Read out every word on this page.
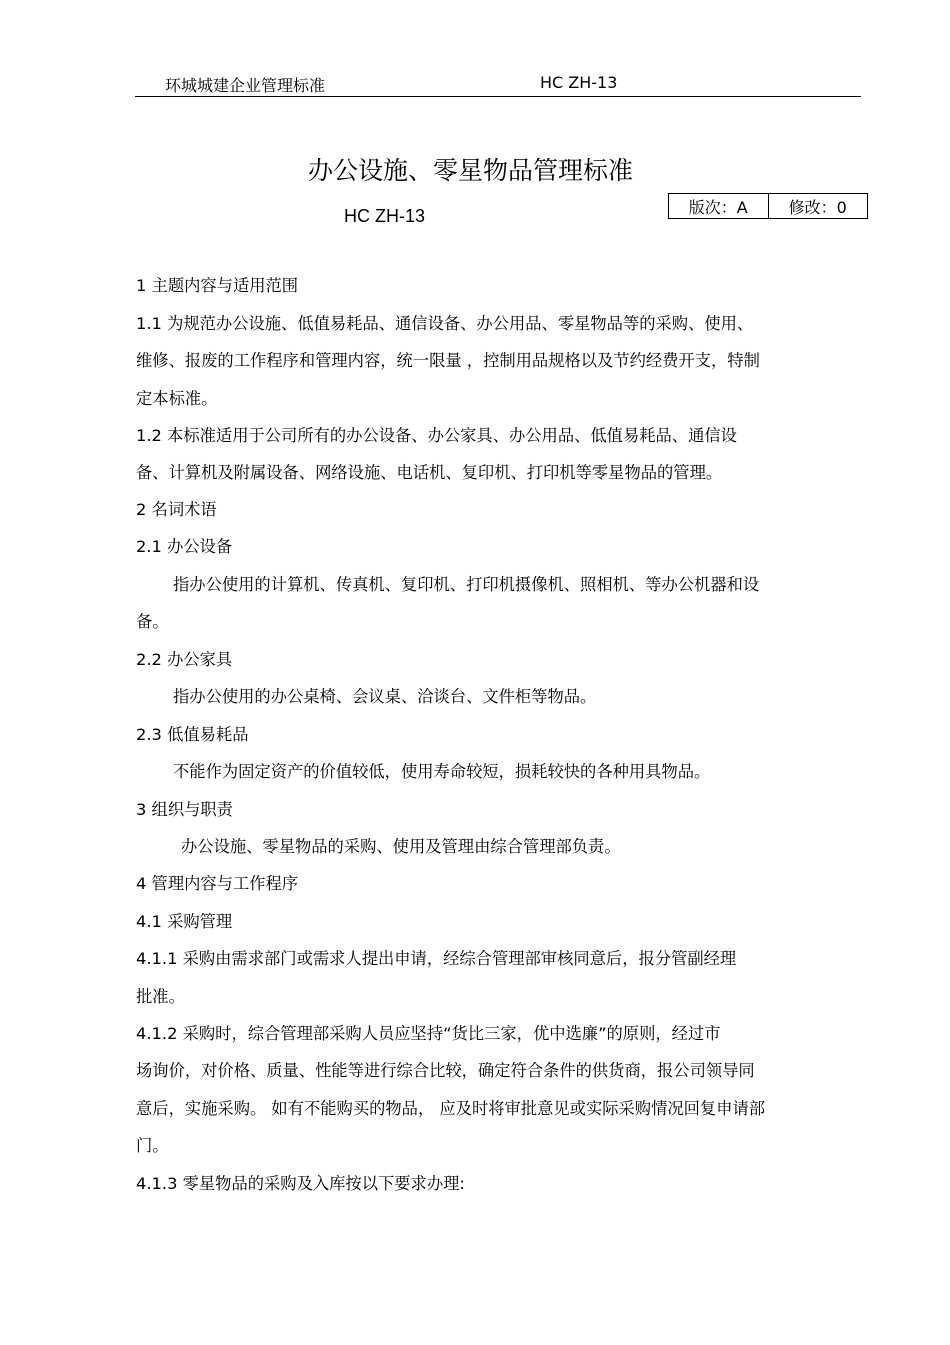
环城城建企业管理标准	HC ZH-13
办公设施、零星物品管理标准
HC ZH-13	版次：A	修改：0
1 主题内容与适用范围
1.1 为规范办公设施、低值易耗品、通信设备、办公用品、零星物品等的采购、使用、
维修、报废的工作程序和管理内容，统一限量 ，控制用品规格以及节约经费开支，特制
定本标准。
1.2 本标准适用于公司所有的办公设备、办公家具、办公用品、低值易耗品、通信设
备、计算机及附属设备、网络设施、电话机、复印机、打印机等零星物品的管理。
2 名词术语
2.1 办公设备
指办公使用的计算机、传真机、复印机、打印机摄像机、照相机、等办公机器和设
备。
2.2 办公家具
指办公使用的办公桌椅、会议桌、洽谈台、文件柜等物品。
2.3 低值易耗品
不能作为固定资产的价值较低，使用寿命较短，损耗较快的各种用具物品。
3 组织与职责
办公设施、零星物品的采购、使用及管理由综合管理部负责。
4 管理内容与工作程序
4.1 采购管理
4.1.1 采购由需求部门或需求人提出申请，经综合管理部审核同意后，报分管副经理
批准。
4.1.2 采购时，综合管理部采购人员应坚持“货比三家，优中选廉”的原则，经过市
场询价，对价格、质量、性能等进行综合比较，确定符合条件的供货商，报公司领导同
意后，实施采购。 如有不能购买的物品， 应及时将审批意见或实际采购情况回复申请部
门。
4.1.3 零星物品的采购及入库按以下要求办理:
